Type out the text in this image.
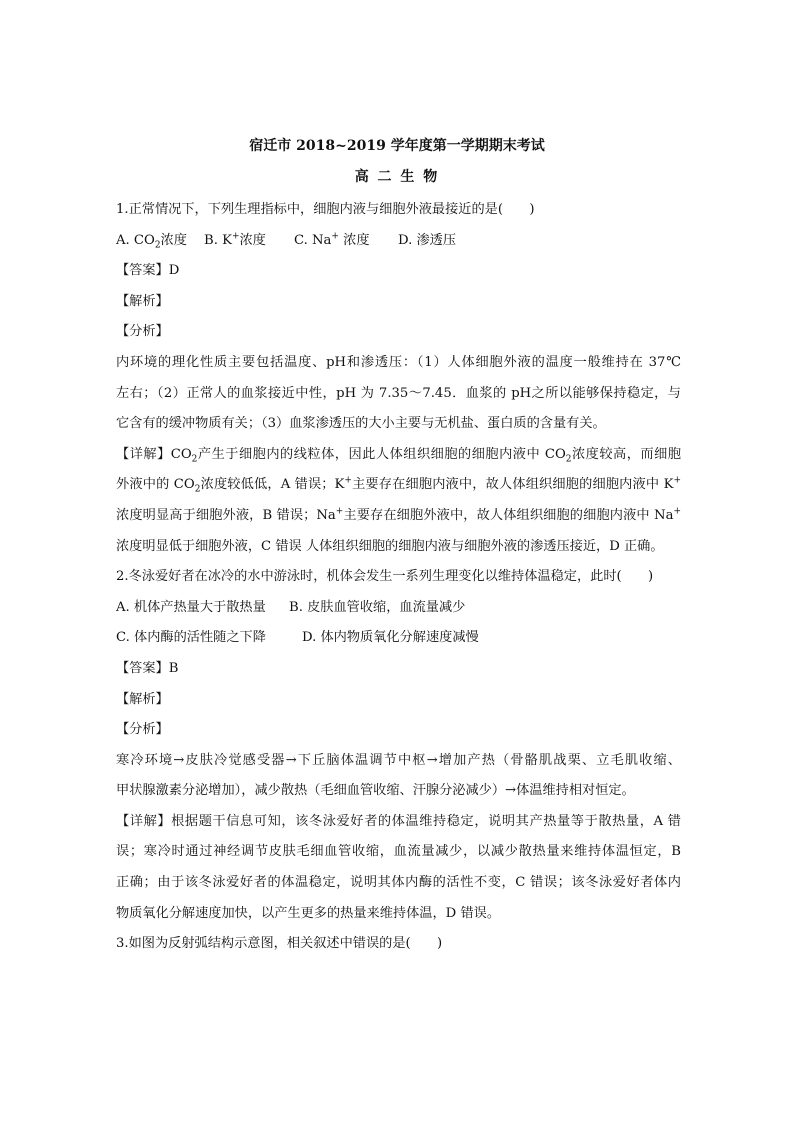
宿迁市 2018~2019 学年度第一学期期末考试
高 二 生 物
1.正常情况下，下列生理指标中，细胞内液与细胞外液最接近的是(　　)
A. $CO_2$浓度 B. K+浓度 C. Na+ 浓度 D. 渗透压
【答案】D
【解析】
【分析】
内环境的理化性质主要包括温度、pH和渗透压：（1）人体细胞外液的温度一般维持在 37℃
左右；（2）正常人的血浆接近中性，pH 为 7.35～7.45．血浆的 pH之所以能够保持稳定，与
它含有的缓冲物质有关；（3）血浆渗透压的大小主要与无机盐、蛋白质的含量有关。
【详解】$CO_2$产生于细胞内的线粒体，因此人体组织细胞的细胞内液中 $CO_2$浓度较高，而细胞
外液中的 $CO_2$浓度较低低，A 错误；K+主要存在细胞内液中，故人体组织细胞的细胞内液中 K+
浓度明显高于细胞外液，B 错误；Na+主要存在细胞外液中，故人体组织细胞的细胞内液中 Na+
浓度明显低于细胞外液，C 错误 人体组织细胞的细胞内液与细胞外液的渗透压接近，D 正确。
2.冬泳爱好者在冰冷的水中游泳时，机体会发生一系列生理变化以维持体温稳定，此时(　　)
A. 机体产热量大于散热量 B. 皮肤血管收缩，血流量减少
C. 体内酶的活性随之下降	D. 体内物质氧化分解速度减慢
【答案】B
【解析】
【分析】
寒冷环境→皮肤冷觉感受器→下丘脑体温调节中枢→增加产热（骨骼肌战栗、立毛肌收缩、
甲状腺激素分泌增加），减少散热（毛细血管收缩、汗腺分泌减少）→体温维持相对恒定。
【详解】根据题干信息可知，该冬泳爱好者的体温维持稳定，说明其产热量等于散热量，A 错
误；寒冷时通过神经调节皮肤毛细血管收缩，血流量减少，以减少散热量来维持体温恒定，B
正确；由于该冬泳爱好者的体温稳定，说明其体内酶的活性不变，C 错误；该冬泳爱好者体内
物质氧化分解速度加快，以产生更多的热量来维持体温，D 错误。
3.如图为反射弧结构示意图，相关叙述中错误的是(　　)
